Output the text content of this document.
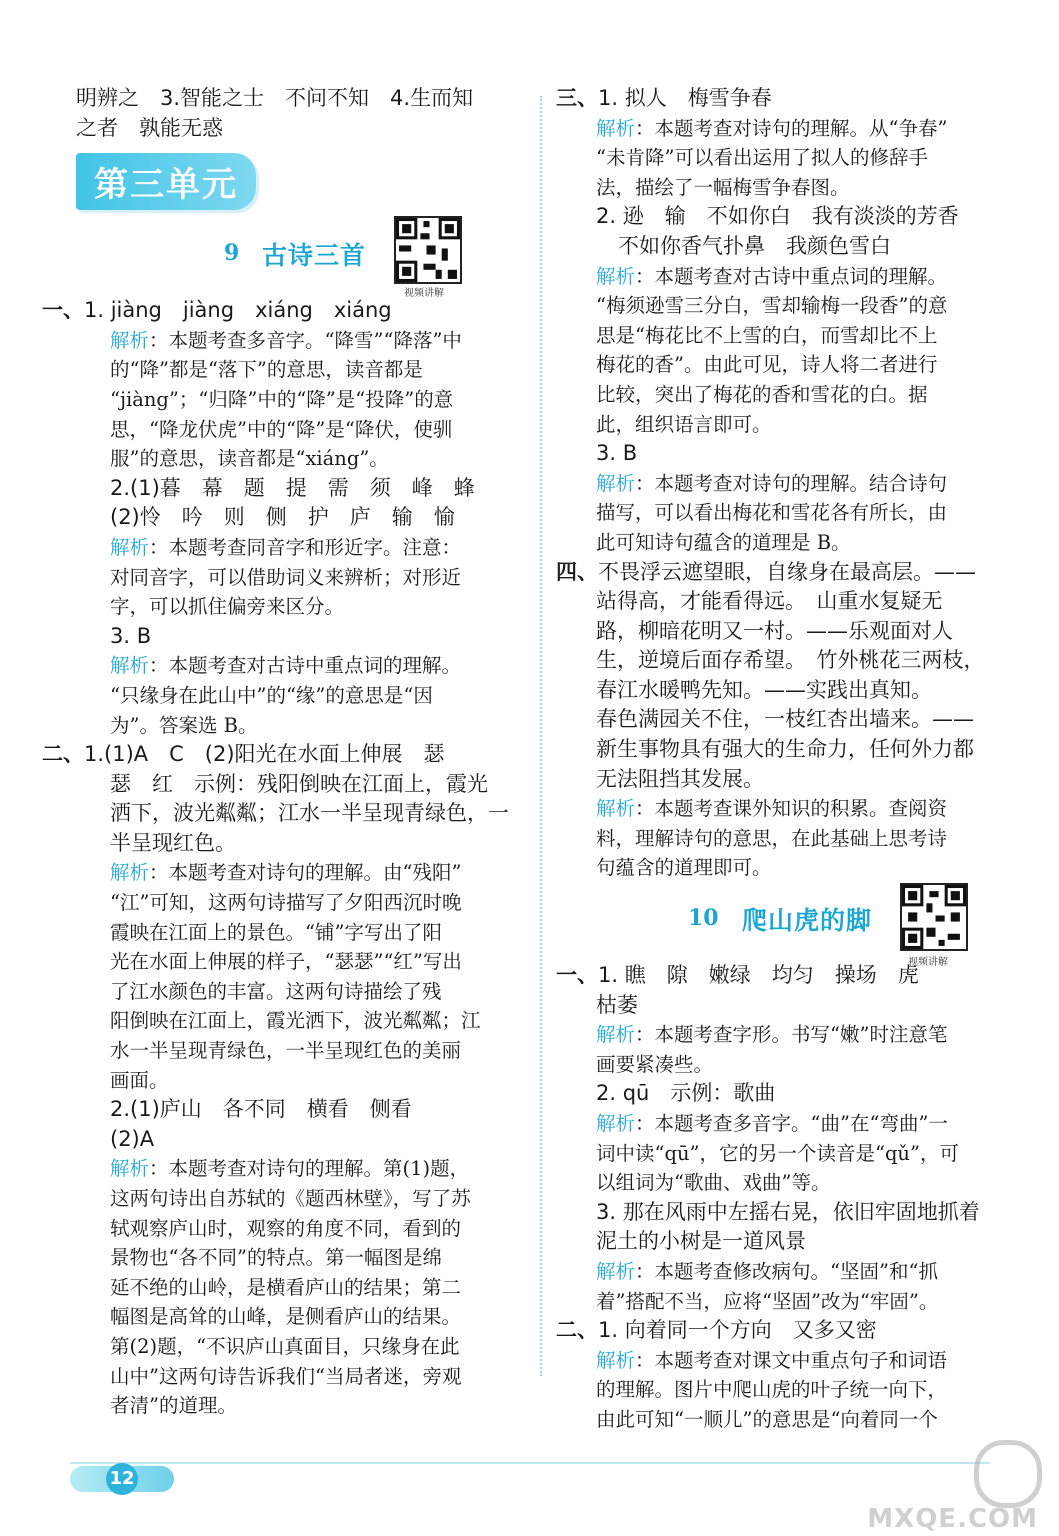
明辨之　3.智能之士　不问不知　4.生而知
之者　孰能无惑
第三单元
9 古诗三首
视频讲解
一、1. jiàng　jiàng　xiáng　xiáng
解析：本题考查多音字。“降雪”“降落”中
的“降”都是“落下”的意思，读音都是
“jiàng”；“归降”中的“降”是“投降”的意
思，“降龙伏虎”中的“降”是“降伏，使驯
服”的意思，读音都是“xiáng”。
2.(1)暮　幕　题　提　需　须　峰　蜂
(2)怜　吟　则　侧　护　庐　输　愉
解析：本题考查同音字和形近字。注意：
对同音字，可以借助词义来辨析；对形近
字，可以抓住偏旁来区分。
3. B
解析：本题考查对古诗中重点词的理解。
“只缘身在此山中”的“缘”的意思是“因
为”。答案选 B。
二、1.(1)A　C　(2)阳光在水面上伸展　瑟
瑟　红　示例：残阳倒映在江面上，霞光
洒下，波光粼粼；江水一半呈现青绿色，一
半呈现红色。
解析：本题考查对诗句的理解。由“残阳”
“江”可知，这两句诗描写了夕阳西沉时晚
霞映在江面上的景色。“铺”字写出了阳
光在水面上伸展的样子，“瑟瑟”“红”写出
了江水颜色的丰富。这两句诗描绘了残
阳倒映在江面上，霞光洒下，波光粼粼；江
水一半呈现青绿色，一半呈现红色的美丽
画面。
2.(1)庐山　各不同　横看　侧看
(2)A
解析：本题考查对诗句的理解。第(1)题，
这两句诗出自苏轼的《题西林壁》，写了苏
轼观察庐山时，观察的角度不同，看到的
景物也“各不同”的特点。第一幅图是绵
延不绝的山岭，是横看庐山的结果；第二
幅图是高耸的山峰，是侧看庐山的结果。
第(2)题，“不识庐山真面目，只缘身在此
山中”这两句诗告诉我们“当局者迷，旁观
者清”的道理。
三、1. 拟人　梅雪争春
解析：本题考查对诗句的理解。从“争春”
“未肯降”可以看出运用了拟人的修辞手
法，描绘了一幅梅雪争春图。
2. 逊　输　不如你白　我有淡淡的芳香
不如你香气扑鼻　我颜色雪白
解析：本题考查对古诗中重点词的理解。
“梅须逊雪三分白，雪却输梅一段香”的意
思是“梅花比不上雪的白，而雪却比不上
梅花的香”。由此可见，诗人将二者进行
比较，突出了梅花的香和雪花的白。据
此，组织语言即可。
3. B
解析：本题考查对诗句的理解。结合诗句
描写，可以看出梅花和雪花各有所长，由
此可知诗句蕴含的道理是 B。
四、不畏浮云遮望眼，自缘身在最高层。——
站得高，才能看得远。　山重水复疑无
路，柳暗花明又一村。——乐观面对人
生，逆境后面存希望。　竹外桃花三两枝，
春江水暖鸭先知。——实践出真知。
春色满园关不住，一枝红杏出墙来。——
新生事物具有强大的生命力，任何外力都
无法阻挡其发展。
解析：本题考查课外知识的积累。查阅资
料，理解诗句的意思，在此基础上思考诗
句蕴含的道理即可。
10 爬山虎的脚
视频讲解
一、1. 瞧　隙　嫩绿　均匀　操场　虎
枯萎
解析：本题考查字形。书写“嫩”时注意笔
画要紧凑些。
2. qū　示例：歌曲
解析：本题考查多音字。“曲”在“弯曲”一
词中读“qū”，它的另一个读音是“qǔ”，可
以组词为“歌曲、戏曲”等。
3. 那在风雨中左摇右晃，依旧牢固地抓着
泥土的小树是一道风景
解析：本题考查修改病句。“坚固”和“抓
着”搭配不当，应将“坚固”改为“牢固”。
二、1. 向着同一个方向　又多又密
解析：本题考查对课文中重点句子和词语
的理解。图片中爬山虎的叶子统一向下，
由此可知“一顺儿”的意思是“向着同一个
12
MXQE.COM
